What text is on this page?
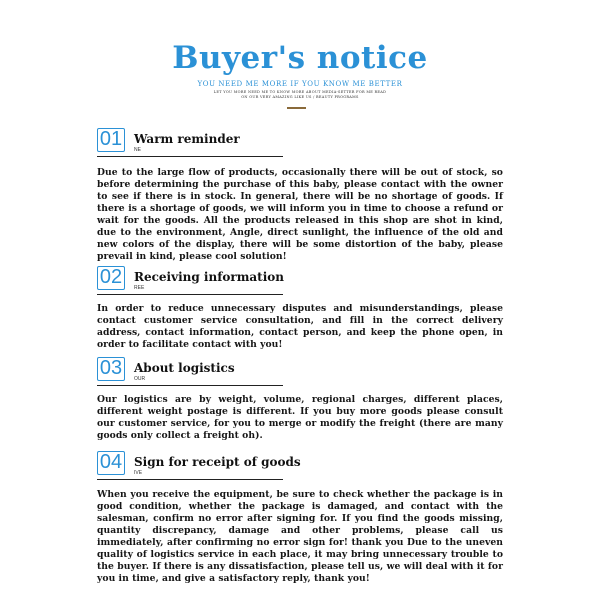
Buyer's notice
YOU NEED ME MORE IF YOU KNOW ME BETTER
LET YOU MORE NEED ME TO KNOW MORE ABOUT MEDIA-SETTER FOR ME READ
ON OUR VERY AMAZING LIKE US / BEAUTY PROGRAMS
01 Warm reminder
NE
Due to the large flow of products, occasionally there will be out of stock, so before determining the purchase of this baby, please contact with the owner to see if there is in stock. In general, there will be no shortage of goods. If there is a shortage of goods, we will inform you in time to choose a refund or wait for the goods. All the products released in this shop are shot in kind, due to the environment, Angle, direct sunlight, the influence of the old and new colors of the display, there will be some distortion of the baby, please prevail in kind, please cool solution!
02 Receiving information
REE
In order to reduce unnecessary disputes and misunderstandings, please contact customer service consultation, and fill in the correct delivery address, contact information, contact person, and keep the phone open, in order to facilitate contact with you!
03 About logistics
OUR
Our logistics are by weight, volume, regional charges, different places, different weight postage is different. If you buy more goods please consult our customer service, for you to merge or modify the freight (there are many goods only collect a freight oh).
04 Sign for receipt of goods
IVE
When you receive the equipment, be sure to check whether the package is in good condition, whether the package is damaged, and contact with the salesman, confirm no error after signing for. If you find the goods missing, quantity discrepancy, damage and other problems, please call us immediately, after confirming no error sign for! thank you Due to the uneven quality of logistics service in each place, it may bring unnecessary trouble to the buyer. If there is any dissatisfaction, please tell us, we will deal with it for you in time, and give a satisfactory reply, thank you!
